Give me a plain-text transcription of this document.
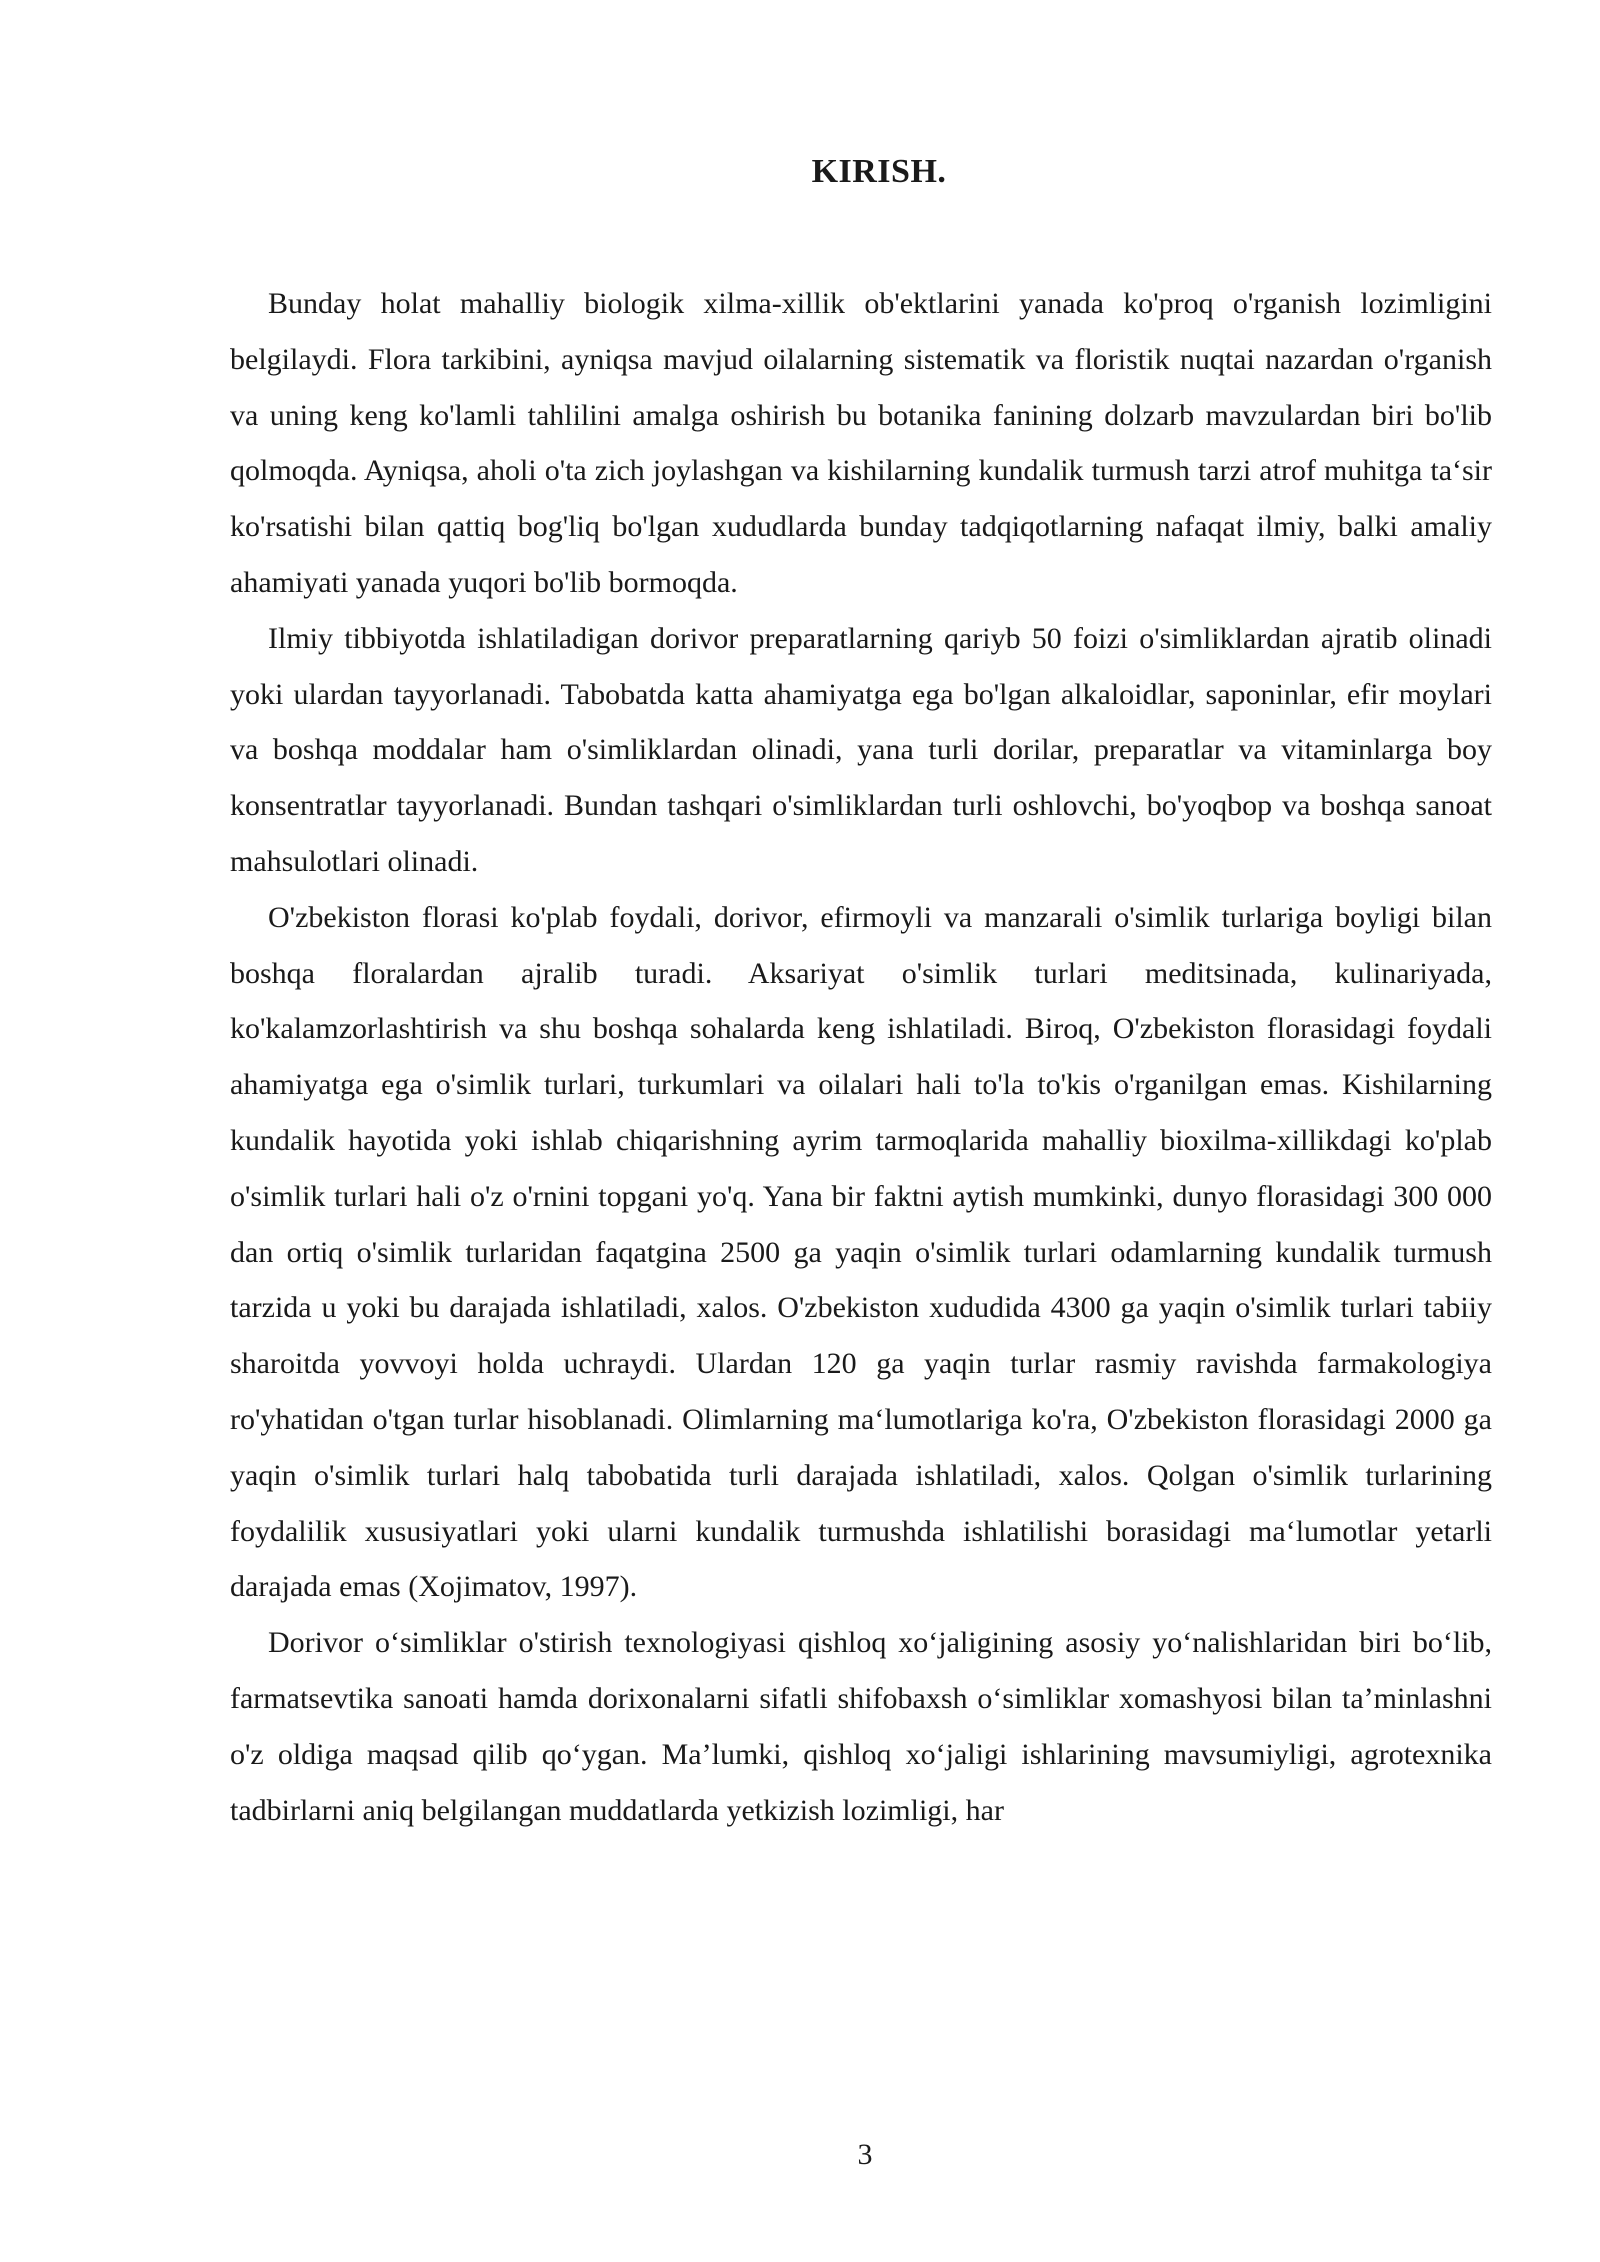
KIRISH.

Bunday holat mahalliy biologik xilma-xillik ob'ektlarini yanada ko'proq o'rganish lozimligini belgilaydi. Flora tarkibini, ayniqsa mavjud oilalarning sistematik va floristik nuqtai nazardan o'rganish va uning keng ko'lamli tahlilini amalga oshirish bu botanika fanining dolzarb mavzulardan biri bo'lib qolmoqda. Ayniqsa, aholi o'ta zich joylashgan va kishilarning kundalik turmush tarzi atrof muhitga ta‘sir ko'rsatishi bilan qattiq bog'liq bo'lgan xududlarda bunday tadqiqotlarning nafaqat ilmiy, balki amaliy ahamiyati yanada yuqori bo'lib bormoqda.

Ilmiy tibbiyotda ishlatiladigan dorivor preparatlarning qariyb 50 foizi o'simliklardan ajratib olinadi yoki ulardan tayyorlanadi. Tabobatda katta ahamiyatga ega bo'lgan alkaloidlar, saponinlar, efir moylari va boshqa moddalar ham o'simliklardan olinadi, yana turli dorilar, preparatlar va vitaminlarga boy konsentratlar tayyorlanadi. Bundan tashqari o'simliklardan turli oshlovchi, bo'yoqbop va boshqa sanoat mahsulotlari olinadi.

O'zbekiston florasi ko'plab foydali, dorivor, efirmoyli va manzarali o'simlik turlariga boyligi bilan boshqa floralardan ajralib turadi. Aksariyat o'simlik turlari meditsinada, kulinariyada, ko'kalamzorlashtirish va shu boshqa sohalarda keng ishlatiladi. Biroq, O'zbekiston florasidagi foydali ahamiyatga ega o'simlik turlari, turkumlari va oilalari hali to'la to'kis o'rganilgan emas. Kishilarning kundalik hayotida yoki ishlab chiqarishning ayrim tarmoqlarida mahalliy bioxilma-xillikdagi ko'plab o'simlik turlari hali o'z o'rnini topgani yo'q. Yana bir faktni aytish mumkinki, dunyo florasidagi 300 000 dan ortiq o'simlik turlaridan faqatgina 2500 ga yaqin o'simlik turlari odamlarning kundalik turmush tarzida u yoki bu darajada ishlatiladi, xalos. O'zbekiston xududida 4300 ga yaqin o'simlik turlari tabiiy sharoitda yovvoyi holda uchraydi. Ulardan 120 ga yaqin turlar rasmiy ravishda farmakologiya ro'yhatidan o'tgan turlar hisoblanadi. Olimlarning ma‘lumotlariga ko'ra, O'zbekiston florasidagi 2000 ga yaqin o'simlik turlari halq tabobatida turli darajada ishlatiladi, xalos. Qolgan o'simlik turlarining foydalilik xususiyatlari yoki ularni kundalik turmushda ishlatilishi borasidagi ma‘lumotlar yetarli darajada emas (Xojimatov, 1997).

Dorivor o‘simliklar o'stirish texnologiyasi qishloq xo‘jaligining asosiy yo‘nalishlaridan biri bo‘lib, farmatsevtika sanoati hamda dorixonalarni sifatli shifobaxsh o‘simliklar xomashyosi bilan ta’minlashni o'z oldiga maqsad qilib qo‘ygan. Ma’lumki, qishloq xo‘jaligi ishlarining mavsumiyligi, agrotexnika tadbirlarni aniq belgilangan muddatlarda yetkizish lozimligi, har

3
